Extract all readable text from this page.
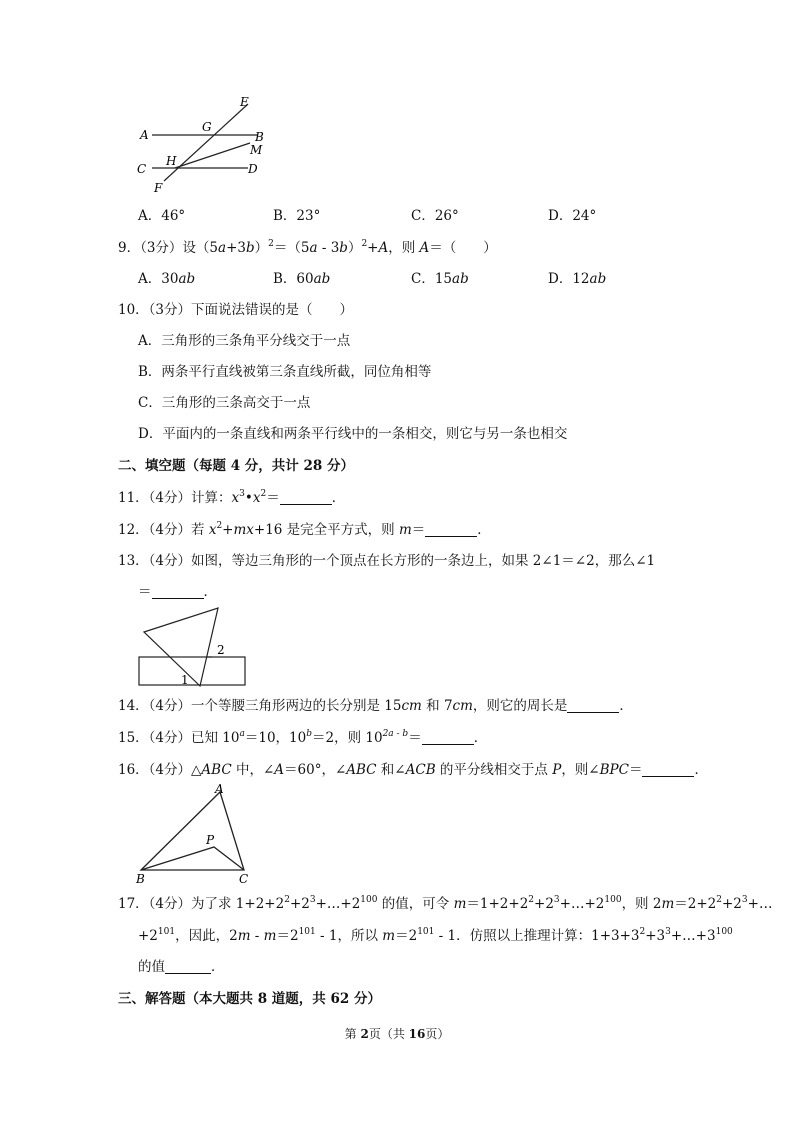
E
A
G
B
M
C
H
D
F
A．46°	B．23°	C．26°	D．24°
9．（3分）设$(5a+3b)^2=(5a - 3b)^2+A$，则 A＝（　　）
A．30ab	B．60ab	C．15ab	D．12ab
10．（3分）下面说法错误的是（　　）
A．三角形的三条角平分线交于一点
B．两条平行直线被第三条直线所截，同位角相等
C．三角形的三条高交于一点
D．平面内的一条直线和两条平行线中的一条相交，则它与另一条也相交
二、填空题（每题 4 分，共计 28 分）
11．（4分）计算：$x^3•x^2=$	．
12．（4分）若 $x^2+mx+16$ 是完全平方式，则 m＝	．
13．（4分）如图，等边三角形的一个顶点在长方形的一条边上，如果 2∠1＝∠2，那么∠1
＝	．
1
2
14．（4分）一个等腰三角形两边的长分别是 15cm 和 7cm，则它的周长是	．
15．（4分）已知 $10^a=10$，$10^b=2$，则 $10^{2a - b}=$	．
16．（4分）△ABC 中，∠A＝60°，∠ABC 和∠ACB 的平分线相交于点 P，则∠BPC＝	．
A
P
B	C
17．（4分）为了求 $1+2+2^2+2^3+\dots+2^{100}$ 的值，可令 $m=1+2+2^2+2^3+\dots+2^{100}$，则 $2m=2+2^2+2^3+\dots$
$+2^{101}$，因此，$2m - m=2^{101} - 1$，所以 $m=2^{101} - 1$．仿照以上推理计算：$1+3+3^2+3^3+\dots+3^{100}$
的值	．
三、解答题（本大题共 8 道题，共 62 分）
第 2页（共 16页）
